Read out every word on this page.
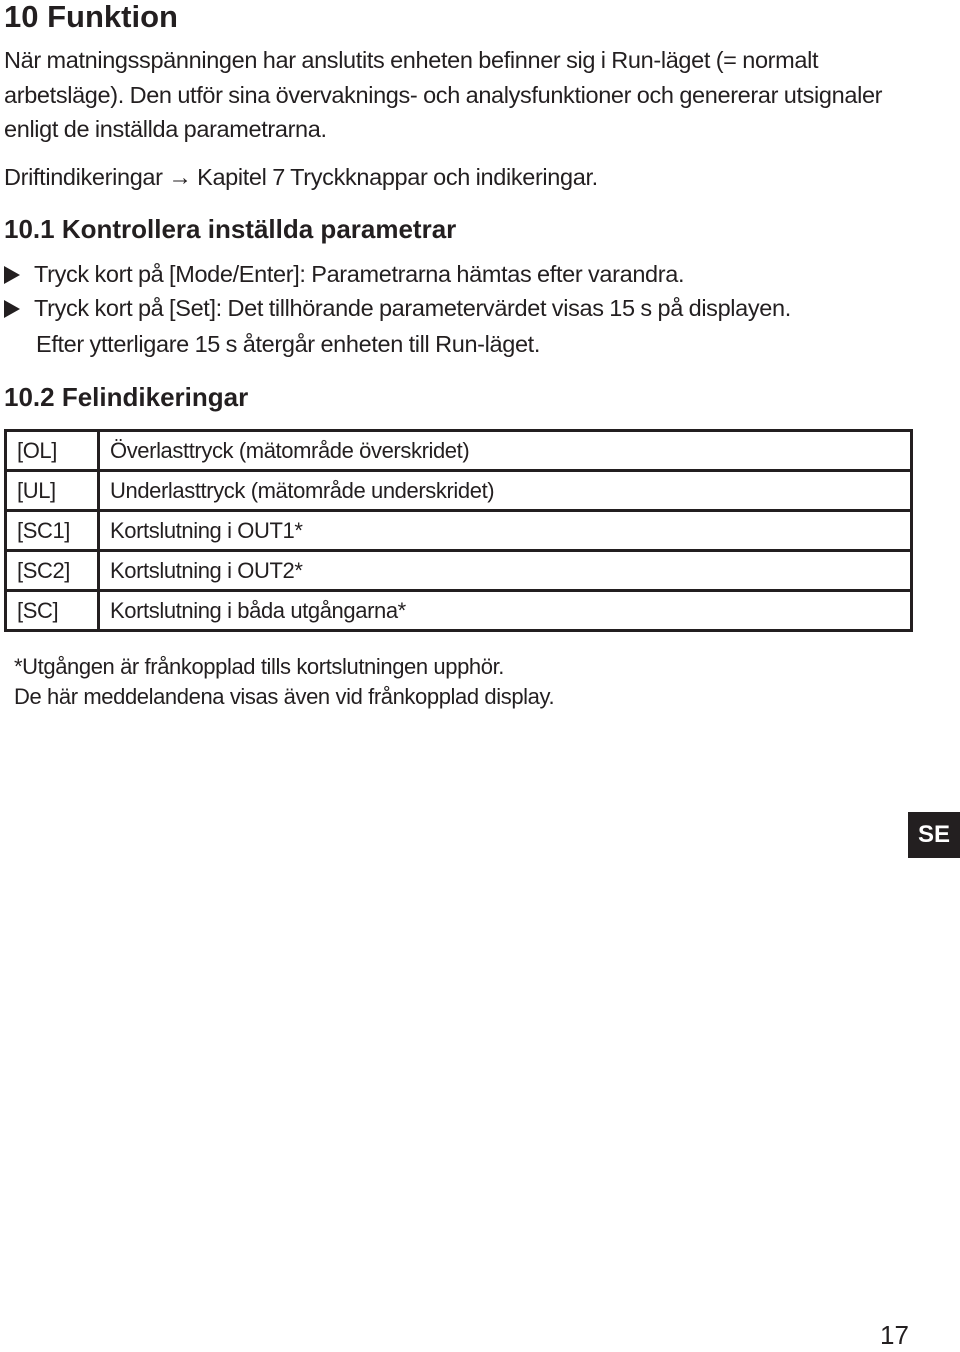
10 Funktion

När matningsspänningen har anslutits enheten befinner sig i Run-läget (= normalt arbetsläge). Den utför sina övervaknings- och analysfunktioner och genererar utsignaler enligt de inställda parametrarna.

Driftindikeringar → Kapitel 7 Tryckknappar och indikeringar.

10.1 Kontrollera inställda parametrar
Tryck kort på [Mode/Enter]: Parametrarna hämtas efter varandra.
Tryck kort på [Set]: Det tillhörande parametervärdet visas 15 s på displayen.
Efter ytterligare 15 s återgår enheten till Run-läget.
10.2 Felindikeringar
[OL]	Överlasttryck (mätområde överskridet)
[UL]	Underlasttryck (mätområde underskridet)
[SC1]	Kortslutning i OUT1*
[SC2]	Kortslutning i OUT2*
[SC]	Kortslutning i båda utgångarna*
*Utgången är frånkopplad tills kortslutningen upphör.
De här meddelandena visas även vid frånkopplad display.
SE
17
